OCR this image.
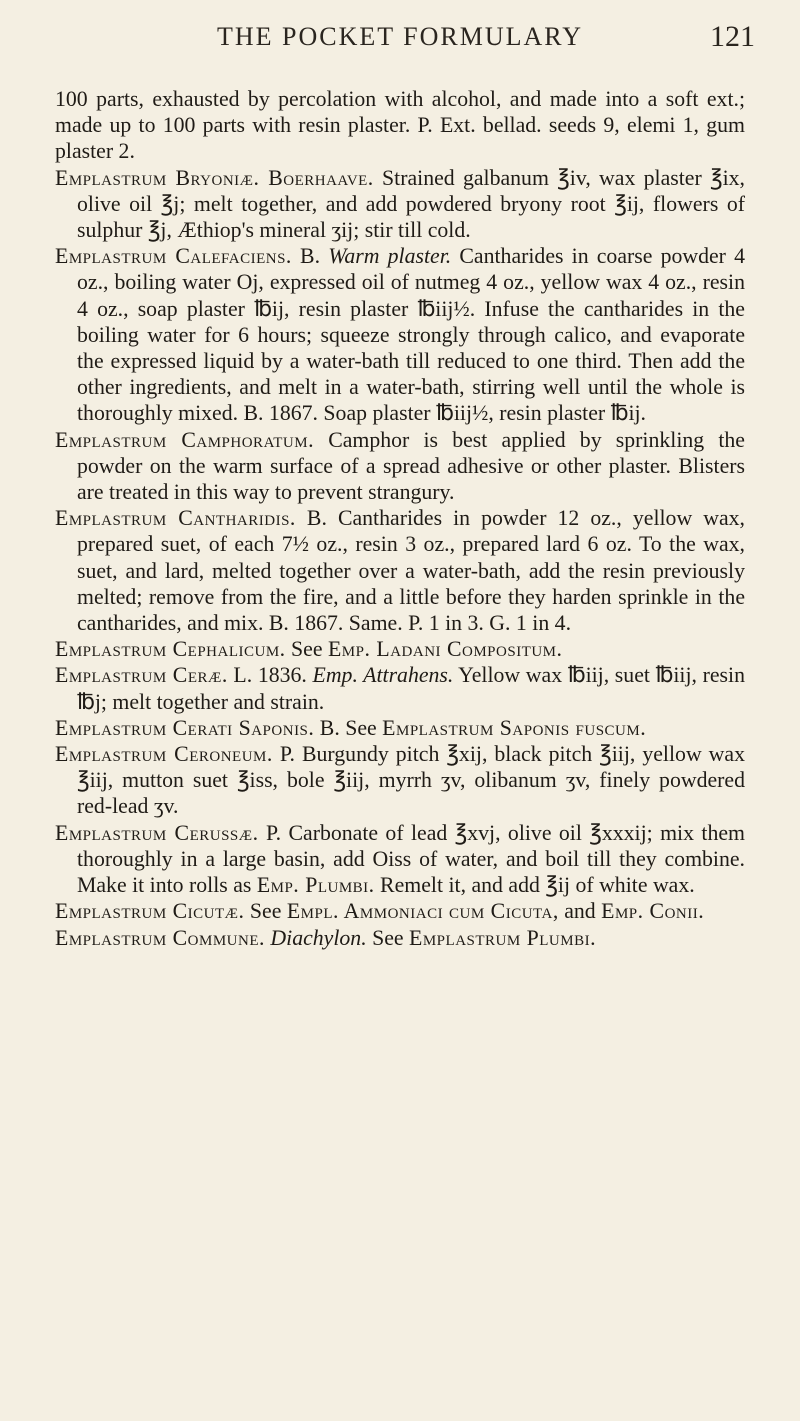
THE POCKET FORMULARY	121

100 parts, exhausted by percolation with alcohol, and made into a soft ext.; made up to 100 parts with resin plaster. P. Ext. bellad. seeds 9, elemi 1, gum plaster 2.

Emplastrum Bryoniæ. Boerhaave. Strained galbanum ℥iv, wax plaster ℥ix, olive oil ℥j; melt together, and add powdered bryony root ℥ij, flowers of sulphur ℥j, Æthiop's mineral ʒij; stir till cold.

Emplastrum Calefaciens. B. Warm plaster. Cantharides in coarse powder 4 oz., boiling water Oj, expressed oil of nutmeg 4 oz., yellow wax 4 oz., resin 4 oz., soap plaster ℔ij, resin plaster ℔iij½. Infuse the cantharides in the boiling water for 6 hours; squeeze strongly through calico, and evaporate the expressed liquid by a water-bath till reduced to one third. Then add the other ingredients, and melt in a water-bath, stirring well until the whole is thoroughly mixed. B. 1867. Soap plaster ℔iij½, resin plaster ℔ij.

Emplastrum Camphoratum. Camphor is best applied by sprinkling the powder on the warm surface of a spread adhesive or other plaster. Blisters are treated in this way to prevent strangury.

Emplastrum Cantharidis. B. Cantharides in powder 12 oz., yellow wax, prepared suet, of each 7½ oz., resin 3 oz., prepared lard 6 oz. To the wax, suet, and lard, melted together over a water-bath, add the resin previously melted; remove from the fire, and a little before they harden sprinkle in the cantharides, and mix. B. 1867. Same. P. 1 in 3. G. 1 in 4.

Emplastrum Cephalicum. See Emp. Ladani Compositum.

Emplastrum Ceræ. L. 1836. Emp. Attrahens. Yellow wax ℔iij, suet ℔iij, resin ℔j; melt together and strain.

Emplastrum Cerati Saponis. B. See Emplastrum Saponis fuscum.

Emplastrum Ceroneum. P. Burgundy pitch ℥xij, black pitch ℥iij, yellow wax ℥iij, mutton suet ℥iss, bole ℥iij, myrrh ʒv, olibanum ʒv, finely powdered red-lead ʒv.

Emplastrum Cerussæ. P. Carbonate of lead ℥xvj, olive oil ℥xxxij; mix them thoroughly in a large basin, add Oiss of water, and boil till they combine. Make it into rolls as Emp. Plumbi. Remelt it, and add ℥ij of white wax.

Emplastrum Cicutæ. See Empl. Ammoniaci cum Cicuta, and Emp. Conii.

Emplastrum Commune. Diachylon. See Emplastrum Plumbi.
